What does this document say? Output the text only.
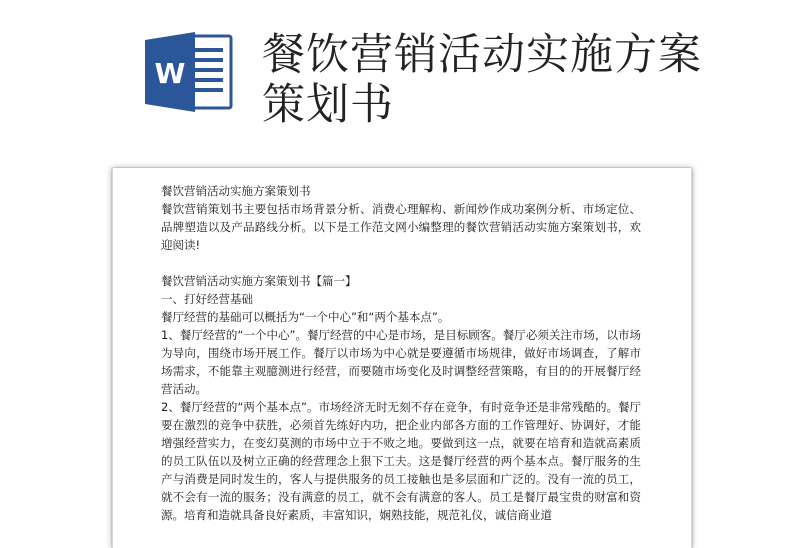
W 餐饮营销活动实施方案策划书

餐饮营销活动实施方案策划书

餐饮营销策划书主要包括市场背景分析、消费心理解构、新闻炒作成功案例分析、市场定位、品牌塑造以及产品路线分析。以下是工作范文网小编整理的餐饮营销活动实施方案策划书，欢迎阅读!

餐饮营销活动实施方案策划书【篇一】

一、打好经营基础

餐厅经营的基础可以概括为“一个中心”和“两个基本点”。

1、餐厅经营的“一个中心”。餐厅经营的中心是市场，是目标顾客。餐厅必须关注市场，以市场为导向，围绕市场开展工作。餐厅以市场为中心就是要遵循市场规律，做好市场调查，了解市场需求，不能靠主观臆测进行经营，而要随市场变化及时调整经营策略，有目的的开展餐厅经营活动。

2、餐厅经营的“两个基本点”。市场经济无时无刻不存在竞争，有时竞争还是非常残酷的。餐厅要在激烈的竞争中获胜，必须首先练好内功，把企业内部各方面的工作管理好、协调好，才能增强经营实力，在变幻莫测的市场中立于不败之地。要做到这一点，就要在培育和造就高素质的员工队伍以及树立正确的经营理念上狠下工夫。这是餐厅经营的两个基本点。餐厅服务的生产与消费是同时发生的，客人与提供服务的员工接触也是多层面和广泛的。没有一流的员工，就不会有一流的服务；没有满意的员工，就不会有满意的客人。员工是餐厅最宝贵的财富和资源。培育和造就具备良好素质，丰富知识，娴熟技能，规范礼仪，诚信商业道
